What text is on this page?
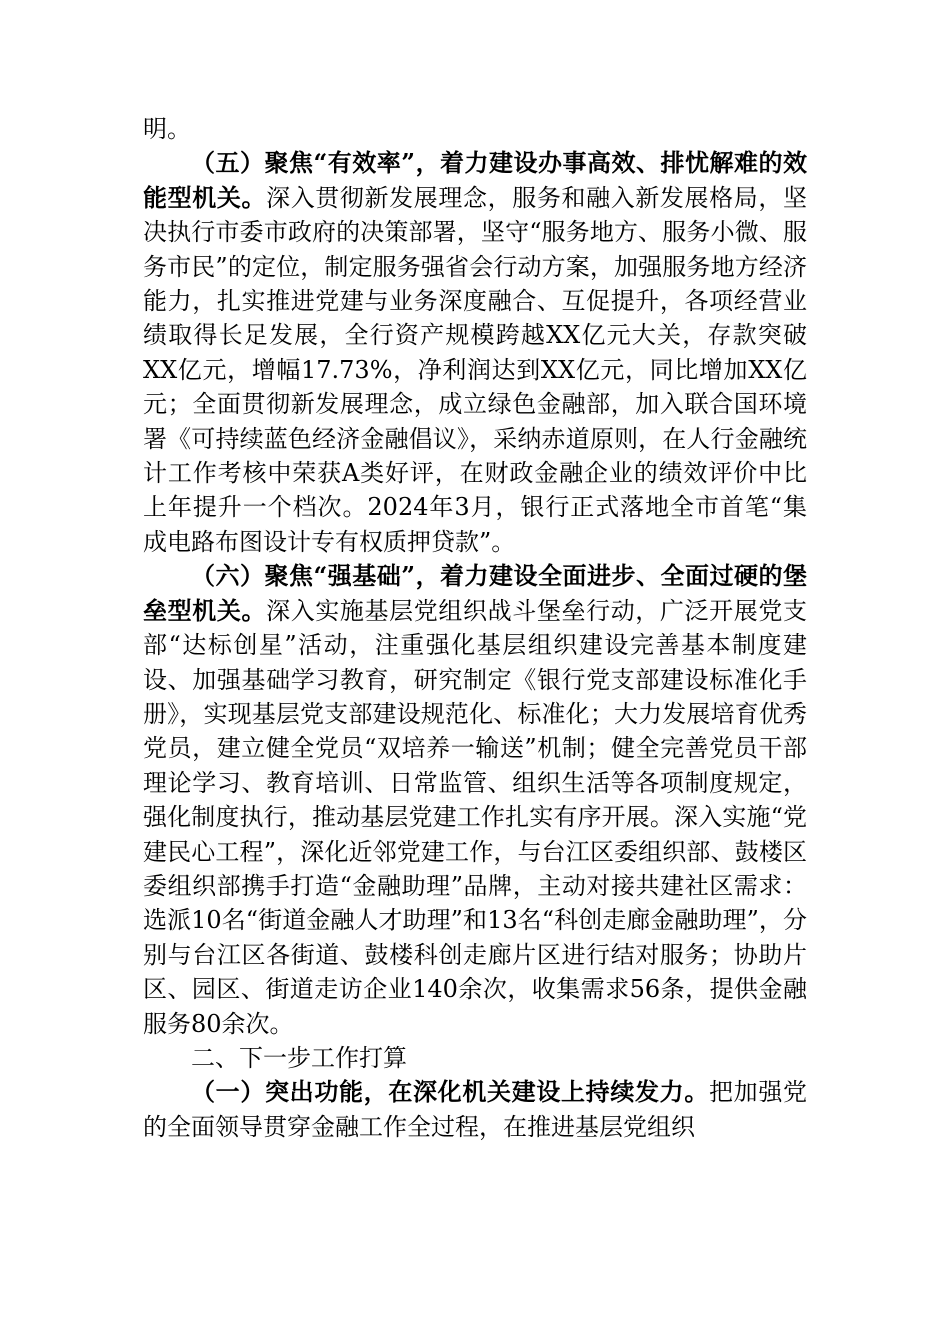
明。

（五）聚焦“有效率”，着力建设办事高效、排忧解难的效能型机关。深入贯彻新发展理念，服务和融入新发展格局，坚决执行市委市政府的决策部署，坚守“服务地方、服务小微、服务市民”的定位，制定服务强省会行动方案，加强服务地方经济能力，扎实推进党建与业务深度融合、互促提升，各项经营业绩取得长足发展，全行资产规模跨越XX亿元大关，存款突破XX亿元，增幅17.73%，净利润达到XX亿元，同比增加XX亿元；全面贯彻新发展理念，成立绿色金融部，加入联合国环境署《可持续蓝色经济金融倡议》，采纳赤道原则，在人行金融统计工作考核中荣获A类好评，在财政金融企业的绩效评价中比上年提升一个档次。2024年3月，银行正式落地全市首笔“集成电路布图设计专有权质押贷款”。

（六）聚焦“强基础”，着力建设全面进步、全面过硬的堡垒型机关。深入实施基层党组织战斗堡垒行动，广泛开展党支部“达标创星”活动，注重强化基层组织建设完善基本制度建设、加强基础学习教育，研究制定《银行党支部建设标准化手册》，实现基层党支部建设规范化、标准化；大力发展培育优秀党员，建立健全党员“双培养一输送”机制；健全完善党员干部理论学习、教育培训、日常监管、组织生活等各项制度规定，强化制度执行，推动基层党建工作扎实有序开展。深入实施“党建民心工程”，深化近邻党建工作，与台江区委组织部、鼓楼区委组织部携手打造“金融助理”品牌，主动对接共建社区需求：选派10名“街道金融人才助理”和13名“科创走廊金融助理”，分别与台江区各街道、鼓楼科创走廊片区进行结对服务；协助片区、园区、街道走访企业140余次，收集需求56条，提供金融服务80余次。

二、下一步工作打算

（一）突出功能，在深化机关建设上持续发力。把加强党的全面领导贯穿金融工作全过程，在推进基层党组织
